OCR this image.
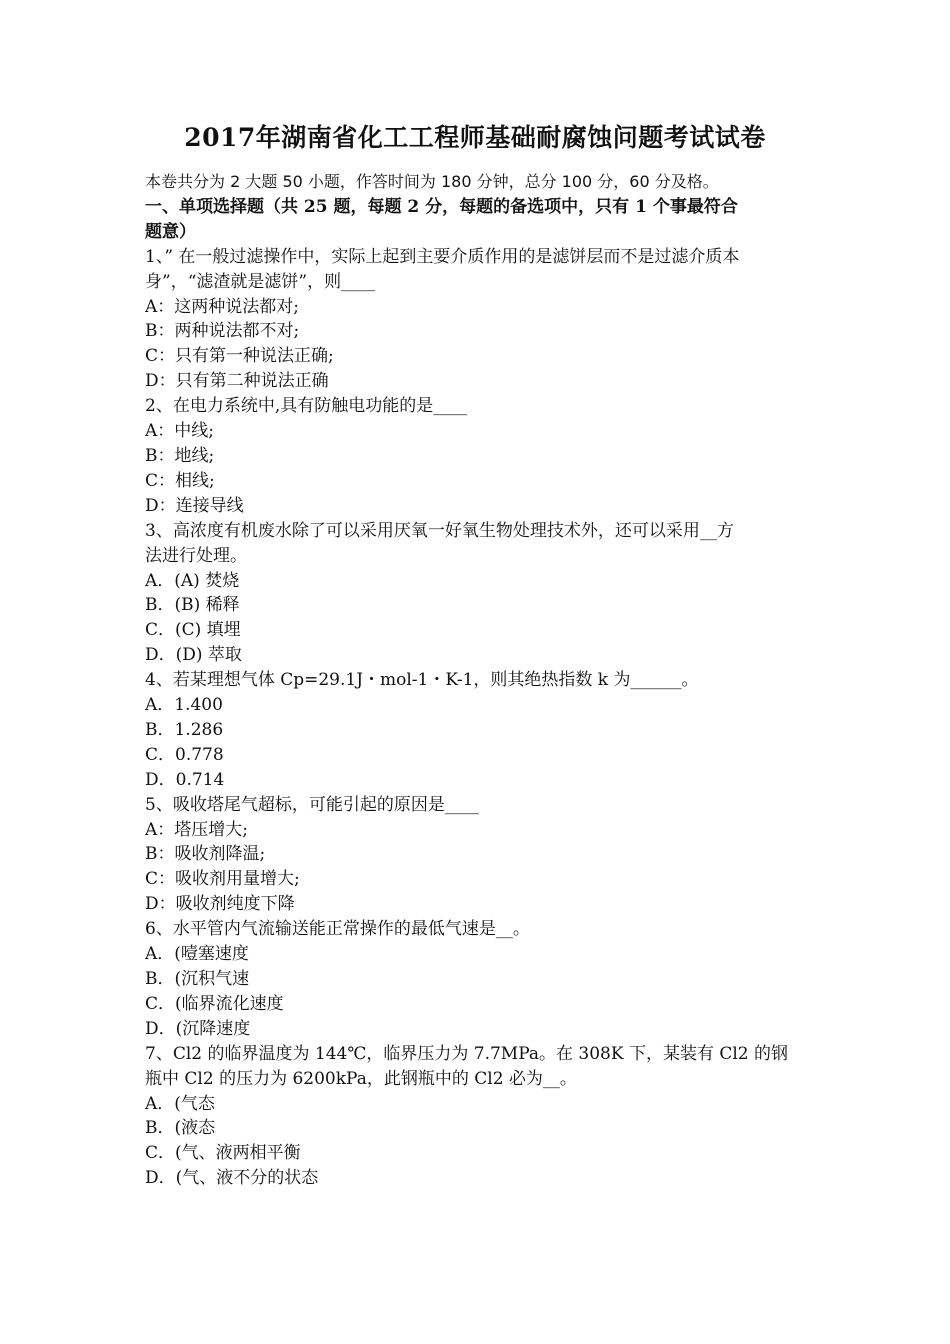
2017年湖南省化工工程师基础耐腐蚀问题考试试卷
本卷共分为 2 大题 50 小题，作答时间为 180 分钟，总分 100 分，60 分及格。
一、单项选择题（共 25 题，每题 2 分，每题的备选项中，只有 1 个事最符合
题意）
1、” 在一般过滤操作中，实际上起到主要介质作用的是滤饼层而不是过滤介质本
身”，“滤渣就是滤饼”，则____
A：这两种说法都对;
B：两种说法都不对;
C：只有第一种说法正确;
D：只有第二种说法正确
2、在电力系统中,具有防触电功能的是____
A：中线;
B：地线;
C：相线;
D：连接导线
3、高浓度有机废水除了可以采用厌氧一好氧生物处理技术外，还可以采用__方
法进行处理。
A．(A) 焚烧
B．(B) 稀释
C．(C) 填埋
D．(D) 萃取
4、若某理想气体 Cp=29.1J・mol-1・K-1，则其绝热指数 k 为______。
A．1.400
B．1.286
C．0.778
D．0.714
5、吸收塔尾气超标，可能引起的原因是____
A：塔压增大;
B：吸收剂降温;
C：吸收剂用量增大;
D：吸收剂纯度下降
6、水平管内气流输送能正常操作的最低气速是__。
A．(噎塞速度
B．(沉积气速
C．(临界流化速度
D．(沉降速度
7、Cl2 的临界温度为 144℃，临界压力为 7.7MPa。在 308K 下，某装有 Cl2 的钢
瓶中 Cl2 的压力为 6200kPa，此钢瓶中的 Cl2 必为__。
A．(气态
B．(液态
C．(气、液两相平衡
D．(气、液不分的状态
